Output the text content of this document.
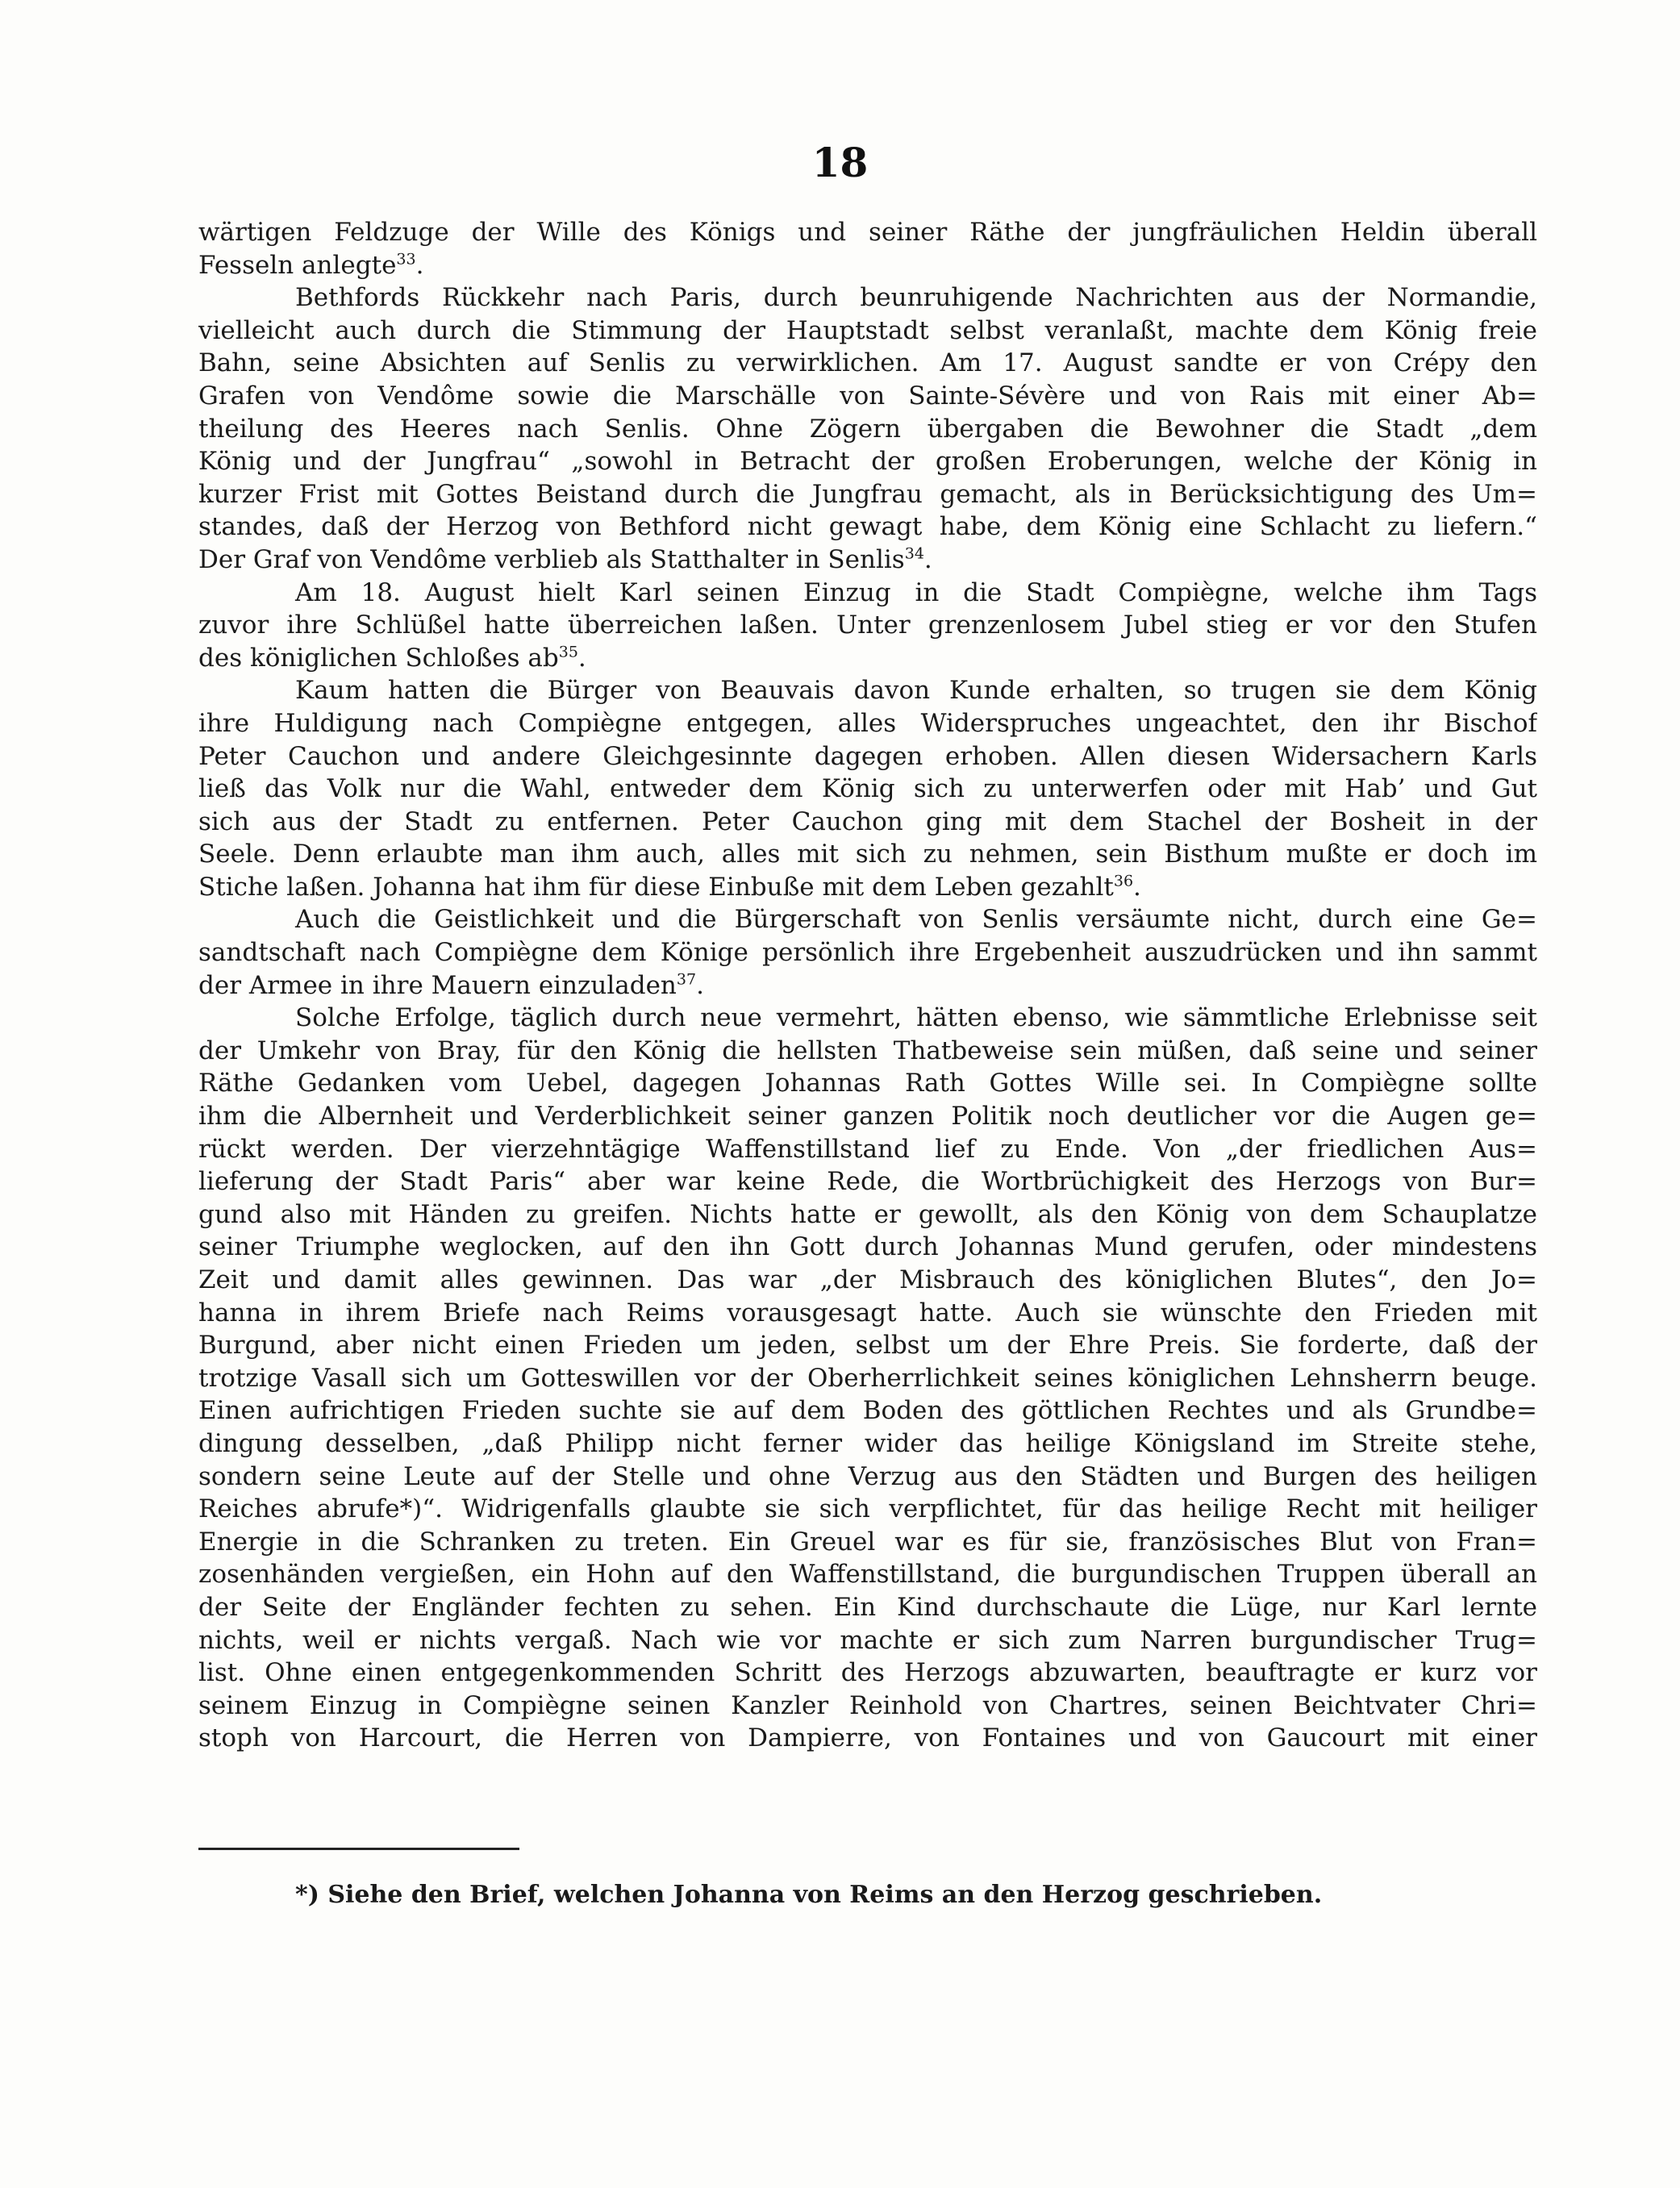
18
wärtigen Feldzuge der Wille des Königs und seiner Räthe der jungfräulichen Heldin überall
Fesseln anlegte$^{33}$.
Bethfords Rückkehr nach Paris, durch beunruhigende Nachrichten aus der Normandie,
vielleicht auch durch die Stimmung der Hauptstadt selbst veranlaßt, machte dem König freie
Bahn, seine Absichten auf Senlis zu verwirklichen. Am 17. August sandte er von Crépy den
Grafen von Vendôme sowie die Marschälle von Sainte-Sévère und von Rais mit einer Ab=
theilung des Heeres nach Senlis. Ohne Zögern übergaben die Bewohner die Stadt „dem
König und der Jungfrau“ „sowohl in Betracht der großen Eroberungen, welche der König in
kurzer Frist mit Gottes Beistand durch die Jungfrau gemacht, als in Berücksichtigung des Um=
standes, daß der Herzog von Bethford nicht gewagt habe, dem König eine Schlacht zu liefern.“
Der Graf von Vendôme verblieb als Statthalter in Senlis$^{34}$.
Am 18. August hielt Karl seinen Einzug in die Stadt Compiègne, welche ihm Tags
zuvor ihre Schlüßel hatte überreichen laßen. Unter grenzenlosem Jubel stieg er vor den Stufen
des königlichen Schloßes $ab^{35}$.
Kaum hatten die Bürger von Beauvais davon Kunde erhalten, so trugen sie dem König
ihre Huldigung nach Compiègne entgegen, alles Widerspruches ungeachtet, den ihr Bischof
Peter Cauchon und andere Gleichgesinnte dagegen erhoben. Allen diesen Widersachern Karls
ließ das Volk nur die Wahl, entweder dem König sich zu unterwerfen oder mit Hab’ und Gut
sich aus der Stadt zu entfernen. Peter Cauchon ging mit dem Stachel der Bosheit in der
Seele. Denn erlaubte man ihm auch, alles mit sich zu nehmen, sein Bisthum mußte er doch im
Stiche laßen. Johanna hat ihm für diese Einbuße mit dem Leben gezahlt$^{36}$.
Auch die Geistlichkeit und die Bürgerschaft von Senlis versäumte nicht, durch eine Ge=
sandtschaft nach Compiègne dem Könige persönlich ihre Ergebenheit auszudrücken und ihn sammt
der Armee in ihre Mauern einzuladen$^{37}$.
Solche Erfolge, täglich durch neue vermehrt, hätten ebenso, wie sämmtliche Erlebnisse seit
der Umkehr von Bray, für den König die hellsten Thatbeweise sein müßen, daß seine und seiner
Räthe Gedanken vom Uebel, dagegen Johannas Rath Gottes Wille sei. In Compiègne sollte
ihm die Albernheit und Verderblichkeit seiner ganzen Politik noch deutlicher vor die Augen ge=
rückt werden. Der vierzehntägige Waffenstillstand lief zu Ende. Von „der friedlichen Aus=
lieferung der Stadt Paris“ aber war keine Rede, die Wortbrüchigkeit des Herzogs von Bur=
gund also mit Händen zu greifen. Nichts hatte er gewollt, als den König von dem Schauplatze
seiner Triumphe weglocken, auf den ihn Gott durch Johannas Mund gerufen, oder mindestens
Zeit und damit alles gewinnen. Das war „der Misbrauch des königlichen Blutes“, den Jo=
hanna in ihrem Briefe nach Reims vorausgesagt hatte. Auch sie wünschte den Frieden mit
Burgund, aber nicht einen Frieden um jeden, selbst um der Ehre Preis. Sie forderte, daß der
trotzige Vasall sich um Gotteswillen vor der Oberherrlichkeit seines königlichen Lehnsherrn beuge.
Einen aufrichtigen Frieden suchte sie auf dem Boden des göttlichen Rechtes und als Grundbe=
dingung desselben, „daß Philipp nicht ferner wider das heilige Königsland im Streite stehe,
sondern seine Leute auf der Stelle und ohne Verzug aus den Städten und Burgen des heiligen
Reiches abrufe*)“. Widrigenfalls glaubte sie sich verpflichtet, für das heilige Recht mit heiliger
Energie in die Schranken zu treten. Ein Greuel war es für sie, französisches Blut von Fran=
zosenhänden vergießen, ein Hohn auf den Waffenstillstand, die burgundischen Truppen überall an
der Seite der Engländer fechten zu sehen. Ein Kind durchschaute die Lüge, nur Karl lernte
nichts, weil er nichts vergaß. Nach wie vor machte er sich zum Narren burgundischer Trug=
list. Ohne einen entgegenkommenden Schritt des Herzogs abzuwarten, beauftragte er kurz vor
seinem Einzug in Compiègne seinen Kanzler Reinhold von Chartres, seinen Beichtvater Chri=
stoph von Harcourt, die Herren von Dampierre, von Fontaines und von Gaucourt mit einer
*) Siehe den Brief, welchen Johanna von Reims an den Herzog geschrieben.
